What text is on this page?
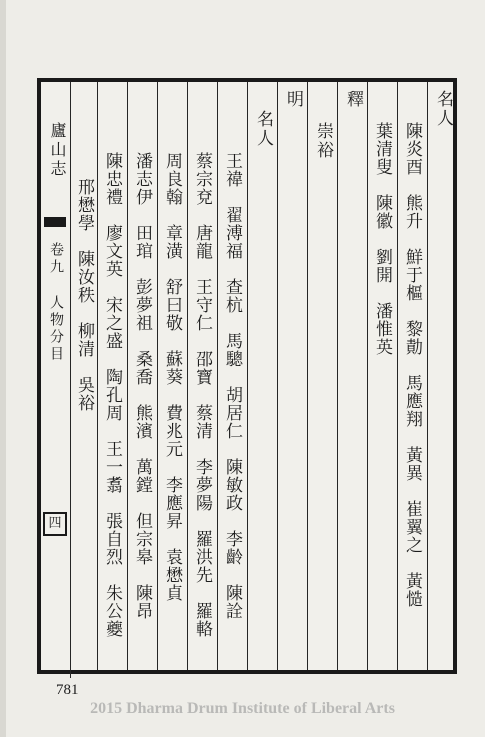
名人
陳炎酉　熊升　鮮于樞　黎勣　馬應翔　黃異　崔翼之　黃慥
葉清叟　陳徽　劉開　潘惟英
釋
崇裕
明
名人
王禕　翟溥福　查杭　馬驄　胡居仁　陳敏政　李齡　陳詮
蔡宗兗　唐龍　王守仁　邵寶　蔡清　李夢陽　羅洪先　羅輅
周良翰　章潢　舒曰敬　蘇葵　費兆元　李應昇　袁懋貞
潘志伊　田琯　彭夢祖　桑喬　熊濱　萬鏜　但宗皋　陳昂
陳忠禮　廖文英　宋之盛　陶孔周　王一翥　張自烈　朱公夔
邢懋學　陳汝秩　柳清　吳裕
廬山志
卷九 人物分目
四
781
2015 Dharma Drum Institute of Liberal Arts
